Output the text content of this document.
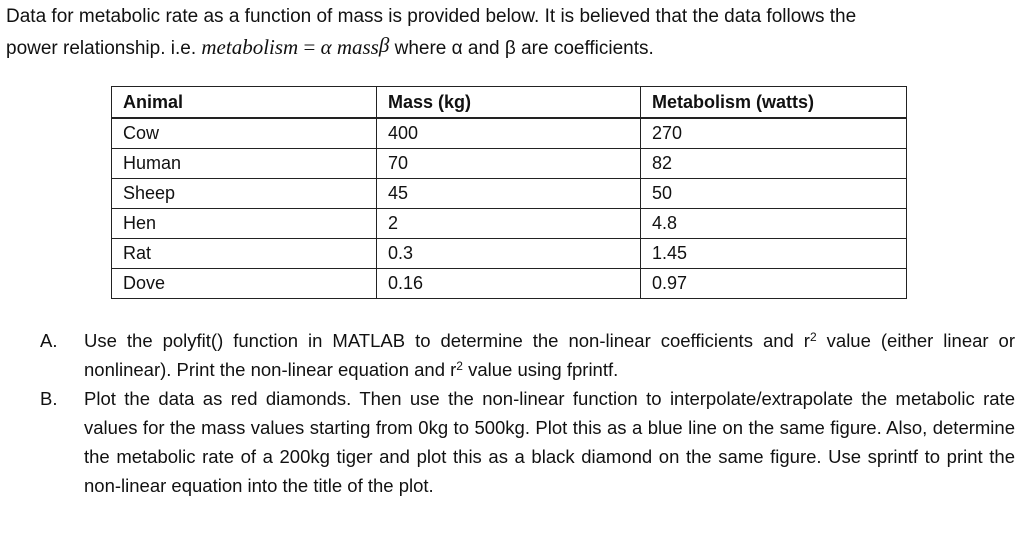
Data for metabolic rate as a function of mass is provided below. It is believed that the data follows the
power relationship. i.e. metabolism = α mass$^\beta$ where α and β are coefficients.
Animal	Mass (kg)	Metabolism (watts)
Cow	400	270
Human	70	82
Sheep	45	50
Hen	2	4.8
Rat	0.3	1.45
Dove	0.16	0.97

A. Use the polyfit() function in MATLAB to determine the non-linear coefficients and $r^2$ value (either linear or nonlinear). Print the non-linear equation and $r^2$ value using fprintf.

B. Plot the data as red diamonds. Then use the non-linear function to interpolate/extrapolate the metabolic rate values for the mass values starting from 0kg to 500kg. Plot this as a blue line on the same figure. Also, determine the metabolic rate of a 200kg tiger and plot this as a black diamond on the same figure. Use sprintf to print the non-linear equation into the title of the plot.
